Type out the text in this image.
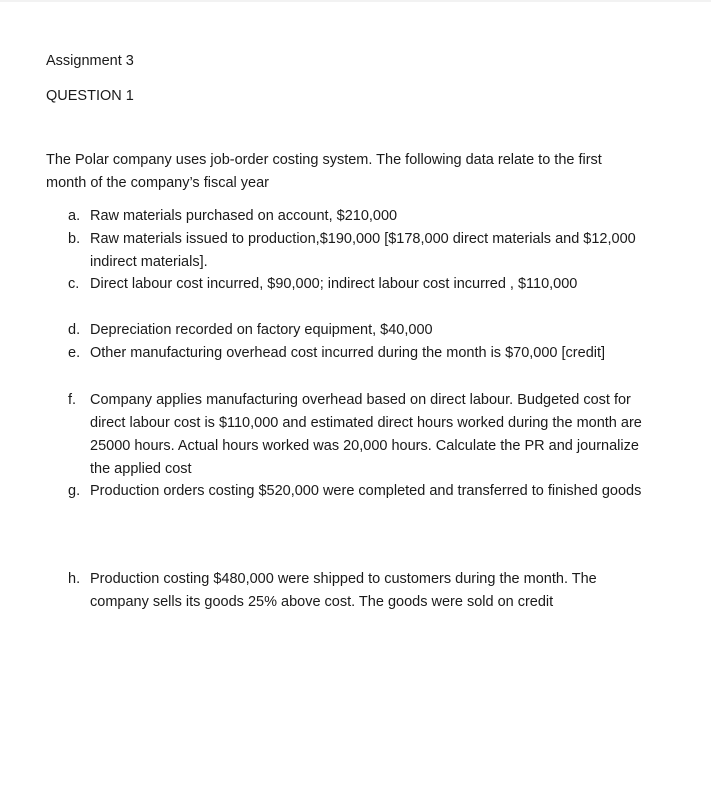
Assignment 3

QUESTION 1

The Polar company uses job-order costing system. The following data relate to the first month of the company’s fiscal year

a. Raw materials purchased on account, $210,000
b. Raw materials issued to production,$190,000 [$178,000 direct materials and $12,000 indirect materials].
c. Direct labour cost incurred, $90,000; indirect labour cost incurred , $110,000
d. Depreciation recorded on factory equipment, $40,000
e. Other manufacturing overhead cost incurred during the month is $70,000 [credit]
f. Company applies manufacturing overhead based on direct labour. Budgeted cost for direct labour cost is $110,000 and estimated direct hours worked during the month are 25000 hours. Actual hours worked was 20,000 hours. Calculate the PR and journalize the applied cost
g. Production orders costing $520,000 were completed and transferred to finished goods
h. Production costing $480,000 were shipped to customers during the month. The company sells its goods 25% above cost. The goods were sold on credit
